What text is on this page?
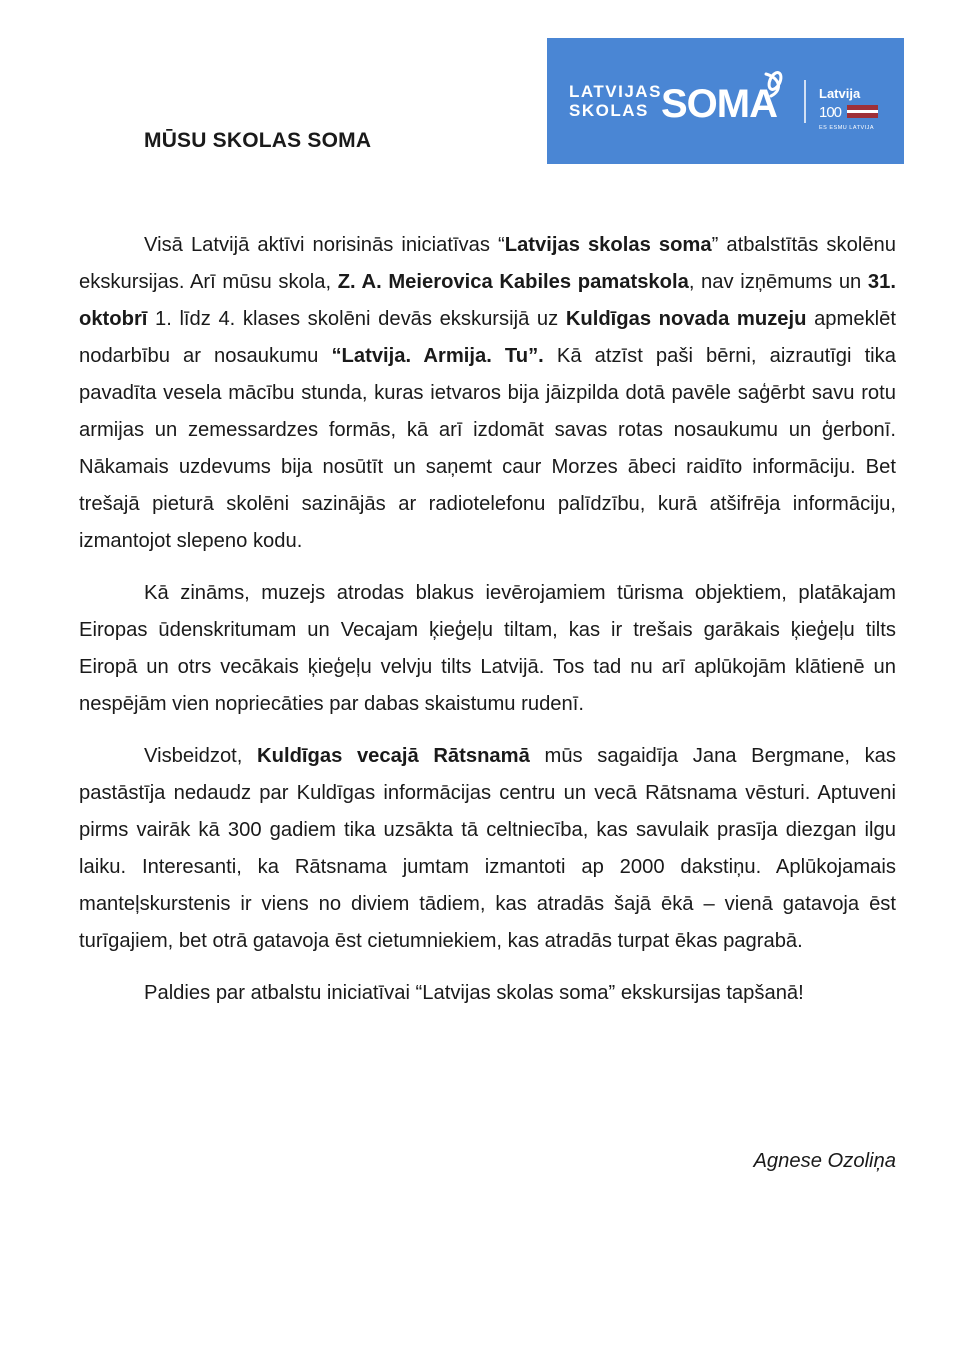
MŪSU SKOLAS SOMA
LATVIJAS
SKOLAS SOMA	Latvija
100
ES ESMU LATVIJA

Visā Latvijā aktīvi norisinās iniciatīvas “Latvijas skolas soma” atbalstītās skolēnu ekskursijas. Arī mūsu skola, Z. A. Meierovica Kabiles pamatskola, nav izņēmums un 31. oktobrī 1. līdz 4. klases skolēni devās ekskursijā uz Kuldīgas novada muzeju apmeklēt nodarbību ar nosaukumu “Latvija. Armija. Tu”. Kā atzīst paši bērni, aizrautīgi tika pavadīta vesela mācību stunda, kuras ietvaros bija jāizpilda dotā pavēle saģērbt savu rotu armijas un zemessardzes formās, kā arī izdomāt savas rotas nosaukumu un ģerbonī. Nākamais uzdevums bija nosūtīt un saņemt caur Morzes ābeci raidīto informāciju. Bet trešajā pieturā skolēni sazinājās ar radiotelefonu palīdzību, kurā atšifrēja informāciju, izmantojot slepeno kodu.

Kā zināms, muzejs atrodas blakus ievērojamiem tūrisma objektiem, platākajam Eiropas ūdenskritumam un Vecajam ķieģeļu tiltam, kas ir trešais garākais ķieģeļu tilts Eiropā un otrs vecākais ķieģeļu velvju tilts Latvijā. Tos tad nu arī aplūkojām klātienē un nespējām vien nopriecāties par dabas skaistumu rudenī.

Visbeidzot, Kuldīgas vecajā Rātsnamā mūs sagaidīja Jana Bergmane, kas pastāstīja nedaudz par Kuldīgas informācijas centru un vecā Rātsnama vēsturi. Aptuveni pirms vairāk kā 300 gadiem tika uzsākta tā celtniecība, kas savulaik prasīja diezgan ilgu laiku. Interesanti, ka Rātsnama jumtam izmantoti ap 2000 dakstiņu. Aplūkojamais manteļskurstenis ir viens no diviem tādiem, kas atradās šajā ēkā – vienā gatavoja ēst turīgajiem, bet otrā gatavoja ēst cietumniekiem, kas atradās turpat ēkas pagrabā.

Paldies par atbalstu iniciatīvai “Latvijas skolas soma” ekskursijas tapšanā!

Agnese Ozoliņa
